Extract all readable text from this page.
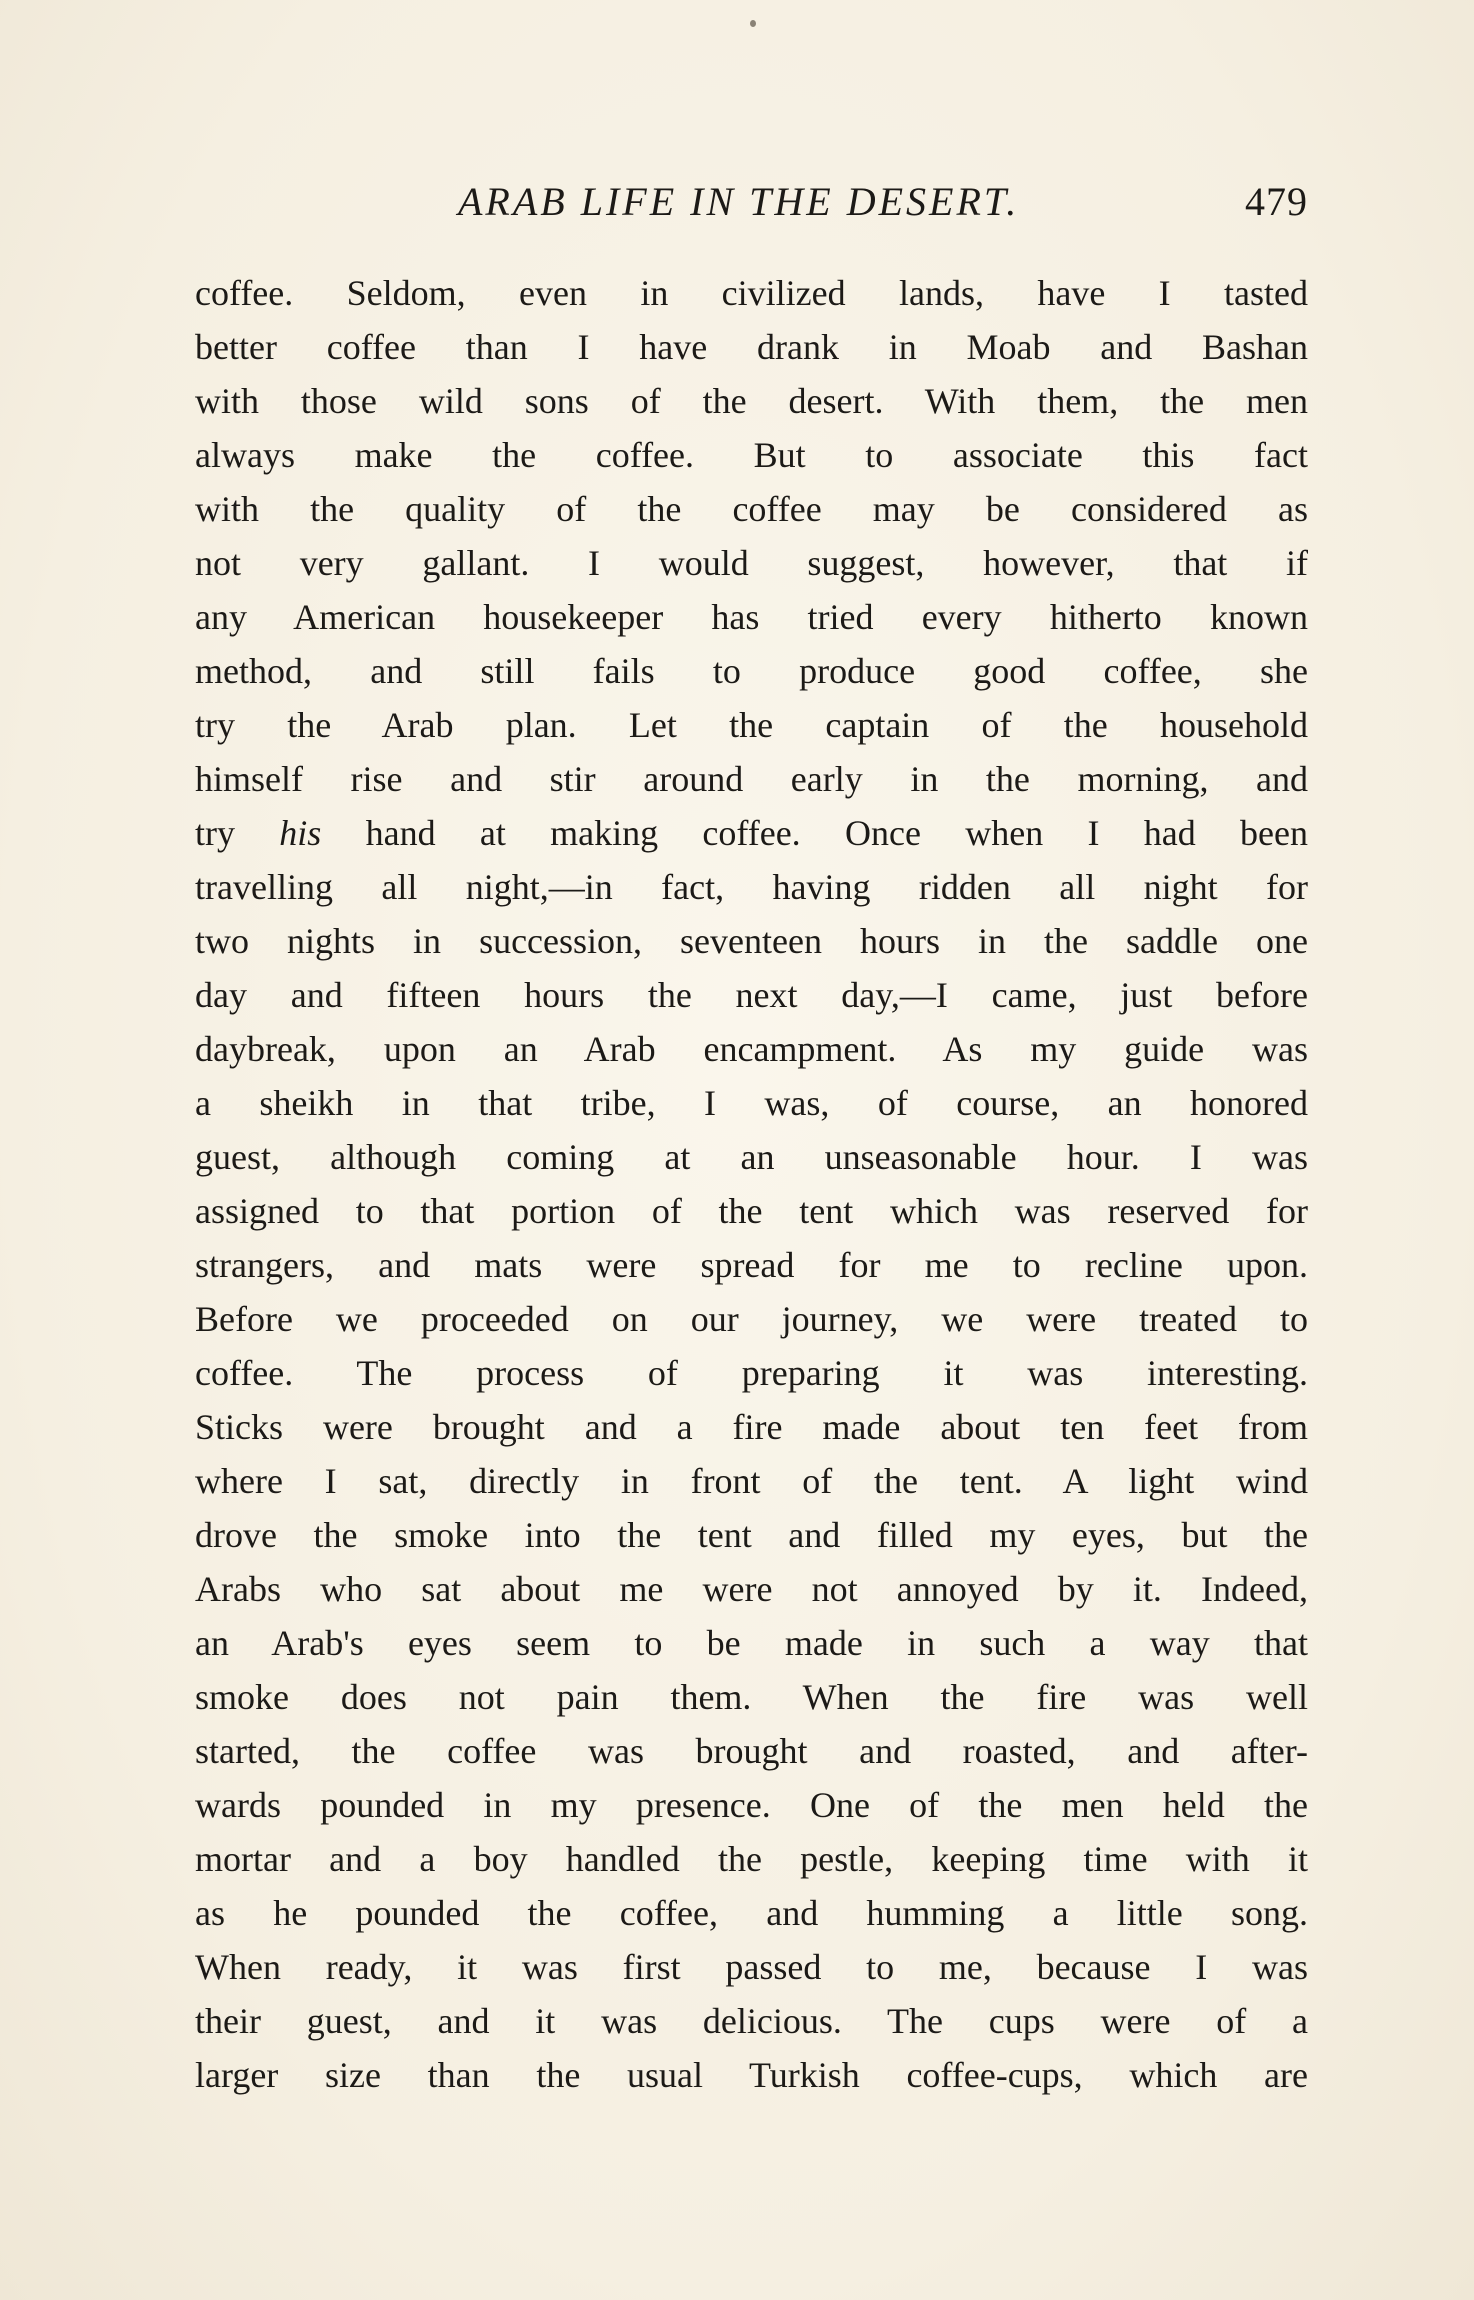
ARAB LIFE IN THE DESERT.	479
coffee. Seldom, even in civilized lands, have I tasted
better coffee than I have drank in Moab and Bashan
with those wild sons of the desert. With them, the men
always make the coffee. But to associate this fact
with the quality of the coffee may be considered as
not very gallant. I would suggest, however, that if
any American housekeeper has tried every hitherto known
method, and still fails to produce good coffee, she
try the Arab plan. Let the captain of the household
himself rise and stir around early in the morning, and
try his hand at making coffee. Once when I had been
travelling all night,—in fact, having ridden all night for
two nights in succession, seventeen hours in the saddle one
day and fifteen hours the next day,—I came, just before
daybreak, upon an Arab encampment. As my guide was
a sheikh in that tribe, I was, of course, an honored
guest, although coming at an unseasonable hour. I was
assigned to that portion of the tent which was reserved for
strangers, and mats were spread for me to recline upon.
Before we proceeded on our journey, we were treated to
coffee. The process of preparing it was interesting.
Sticks were brought and a fire made about ten feet from
where I sat, directly in front of the tent. A light wind
drove the smoke into the tent and filled my eyes, but the
Arabs who sat about me were not annoyed by it. Indeed,
an Arab's eyes seem to be made in such a way that
smoke does not pain them. When the fire was well
started, the coffee was brought and roasted, and after-
wards pounded in my presence. One of the men held the
mortar and a boy handled the pestle, keeping time with it
as he pounded the coffee, and humming a little song.
When ready, it was first passed to me, because I was
their guest, and it was delicious. The cups were of a
larger size than the usual Turkish coffee-cups, which are
